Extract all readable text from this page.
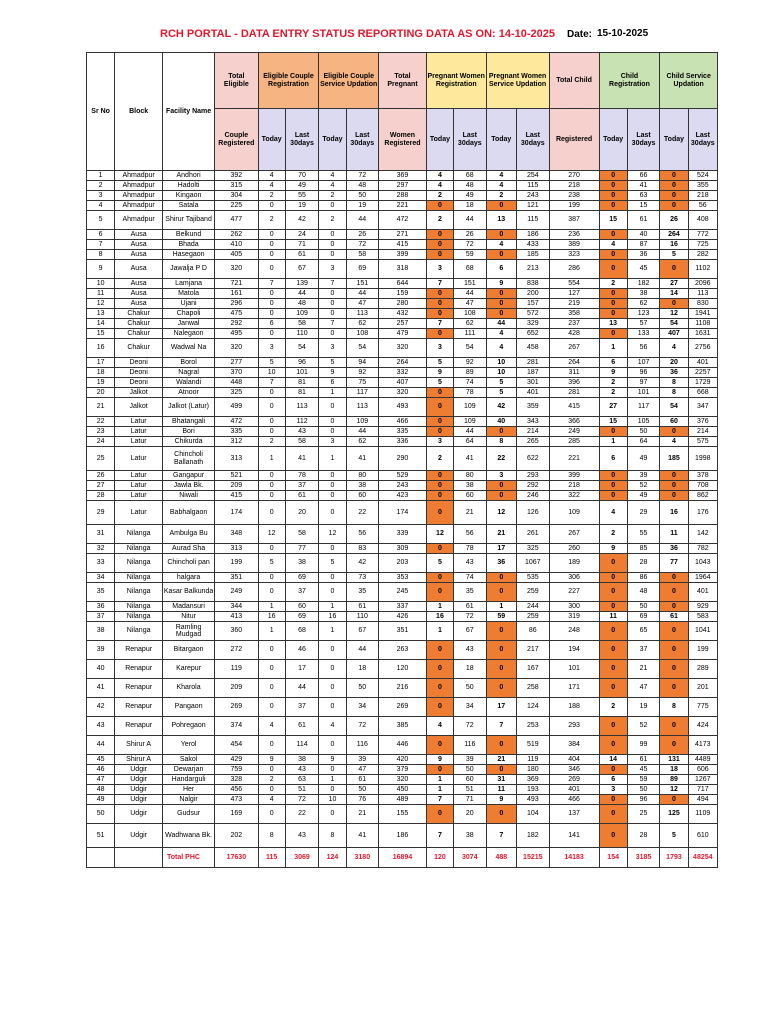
RCH PORTAL - DATA ENTRY STATUS REPORTING DATA AS ON: 14-10-2025 Date: 15-10-2025
Sr No	Block	Facility Name	Total Eligible	Eligible Couple Registration		Eligible Couple Service Updation		Total Pregnant	Pregnant Women Registration		Pregnant Women Service Updation		Total Child	Child Registration		Child Service Updation	
			Couple Registered	Today	Last 30days	Today	Last 30days	Women Registered	Today	Last 30days	Today	Last 30days	Registered	Today	Last 30days	Today	Last 30days
1	Ahmadpur	Andhori	392	4	70	4	72	369	4	68	4	254	270	0	66	0	524
2	Ahmadpur	Hadolti	315	4	49	4	48	297	4	48	4	115	218	0	41	0	355
3	Ahmadpur	Kingaon	304	2	55	2	50	288	2	49	2	243	238	0	63	0	218
4	Ahmadpur	Satala	225	0	19	0	19	221	0	18	0	121	199	0	15	0	56
5	Ahmadpur	Shirur Tajiband	477	2	42	2	44	472	2	44	13	115	387	15	61	26	408
6	Ausa	Belkund	262	0	24	0	26	271	0	26	0	186	236	0	40	264	772
7	Ausa	Bhada	410	0	71	0	72	415	0	72	4	433	389	4	87	16	725
8	Ausa	Hasegaon	405	0	61	0	58	399	0	59	0	185	323	0	36	5	282
9	Ausa	Jawalja P D	320	0	67	3	69	318	3	68	6	213	286	0	45	0	1102
10	Ausa	Lamjana	721	7	139	7	151	644	7	151	9	838	554	2	182	27	2096
11	Ausa	Matola	161	0	44	0	44	159	0	44	0	200	127	0	38	14	113
12	Ausa	Ujani	296	0	48	0	47	280	0	47	0	157	219	0	62	0	830
13	Chakur	Chapoli	475	0	109	0	113	432	0	108	0	572	358	0	123	12	1941
14	Chakur	Janwal	292	6	58	7	62	257	7	62	44	329	237	13	57	54	1108
15	Chakur	Nalegaon	495	0	110	0	108	479	0	111	4	652	428	0	133	407	1631
16	Chakur	Wadwal Na	320	3	54	3	54	320	3	54	4	458	267	1	56	4	2756
17	Deoni	Borol	277	5	96	5	94	264	5	92	10	281	264	6	107	20	401
18	Deoni	Nagral	370	10	101	9	92	332	9	89	10	187	311	9	96	36	2257
19	Deoni	Walandi	448	7	81	6	75	407	5	74	5	301	396	2	97	8	1729
20	Jalkot	Atnoor	325	0	81	1	117	320	0	78	5	401	281	2	101	8	668
21	Jalkot	Jalkot (Latur)	499	0	113	0	113	493	0	109	42	359	415	27	117	54	347
22	Latur	Bhatangali	472	0	112	0	109	466	0	109	40	343	366	15	105	60	376
23	Latur	Bori	335	0	43	0	44	335	0	44	0	214	249	0	50	0	214
24	Latur	Chikurda	312	2	58	3	62	336	3	64	8	265	285	1	64	4	575
25	Latur	Chincholi Ballanath	313	1	41	1	41	290	2	41	22	622	221	6	49	185	1998
26	Latur	Gangapur	521	0	78	0	80	529	0	80	3	293	399	0	39	0	378
27	Latur	Jawla Bk.	209	0	37	0	38	243	0	38	0	292	218	0	52	0	708
28	Latur	Niwali	415	0	61	0	60	423	0	60	0	246	322	0	49	0	862
29	Latur	Babhalgaon	174	0	20	0	22	174	0	21	12	126	109	4	29	16	176
31	Nilanga	Ambulga Bu	348	12	58	12	56	339	12	56	21	261	267	2	55	11	142
32	Nilanga	Aurad Sha	313	0	77	0	83	309	0	78	17	325	260	9	85	36	782
33	Nilanga	Chincholi pan	199	5	38	5	42	203	5	43	36	1067	189	0	28	77	1043
34	Nilanga	halgara	351	0	69	0	73	353	0	74	0	535	306	0	86	0	1964
35	Nilanga	Kasar Balkunda	249	0	37	0	35	245	0	35	0	259	227	0	48	0	401
36	Nilanga	Madansuri	344	1	60	1	61	337	1	61	1	244	300	0	50	0	929
37	Nilanga	Nitur	413	16	69	16	110	426	16	72	59	259	319	11	69	61	583
38	Nilanga	Ramling Mudgad	360	1	68	1	67	351	1	67	0	86	248	0	65	0	1041
39	Renapur	Bitargaon	272	0	46	0	44	263	0	43	0	217	194	0	37	0	199
40	Renapur	Karepur	119	0	17	0	18	120	0	18	0	167	101	0	21	0	289
41	Renapur	Kharola	209	0	44	0	50	216	0	50	0	258	171	0	47	0	201
42	Renapur	Pangaon	269	0	37	0	34	269	0	34	17	124	188	2	19	8	775
43	Renapur	Pohregaon	374	4	61	4	72	385	4	72	7	253	293	0	52	0	424
44	Shirur A	Yerol	454	0	114	0	116	446	0	116	0	519	384	0	99	0	4173
45	Shirur A	Sakol	429	9	38	9	39	420	9	39	21	119	404	14	61	131	4489
46	Udgir	Dewarjan	759	0	43	0	47	379	0	50	0	180	346	0	45	18	606
47	Udgir	Handarguli	328	2	63	1	61	320	1	60	31	369	269	6	59	89	1267
48	Udgir	Her	456	0	51	0	50	450	1	51	11	193	401	3	50	12	717
49	Udgir	Nalgir	473	4	72	10	76	489	7	71	9	493	466	0	96	0	494
50	Udgir	Gudsur	169	0	22	0	21	155	0	20	0	104	137	0	25	125	1109
51	Udgir	Wadhwana Bk.	202	8	43	8	41	186	7	38	7	182	141	0	28	5	610
		Total PHC	17630	115	3069	124	3180	16894	120	3074	488	15215	14183	154	3185	1793	48254
